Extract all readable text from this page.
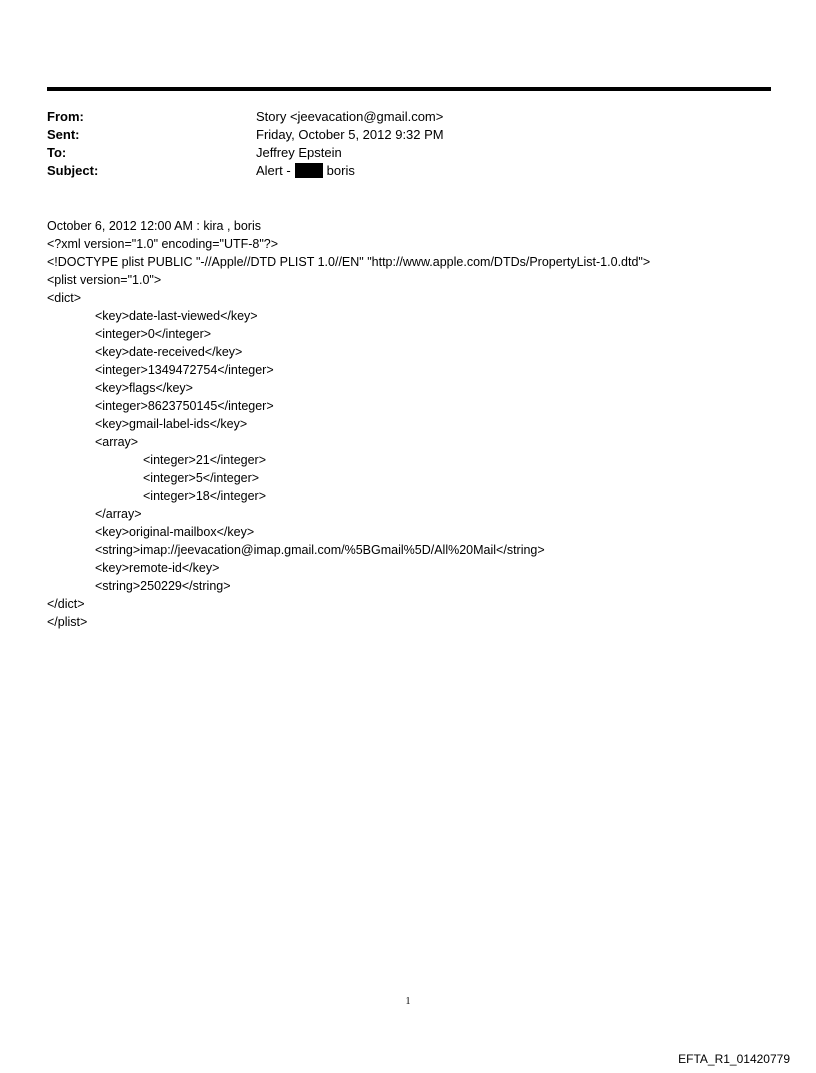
From:	Story <jeevacation@gmail.com>
Sent:	Friday, October 5, 2012 9:32 PM
To:	Jeffrey Epstein
Subject:	Alert -	boris
October 6, 2012 12:00 AM : kira , boris
<?xml version="1.0" encoding="UTF-8"?>
<!DOCTYPE plist PUBLIC "-//Apple//DTD PLIST 1.0//EN" "http://www.apple.com/DTDs/PropertyList-1.0.dtd">
<plist version="1.0">
<dict>
<key>date-last-viewed</key>
<integer>0</integer>
<key>date-received</key>
<integer>1349472754</integer>
<key>flags</key>
<integer>8623750145</integer>
<key>gmail-label-ids</key>
<array>
<integer>21</integer>
<integer>5</integer>
<integer>18</integer>
</array>
<key>original-mailbox</key>
<string>imap://jeevacation@imap.gmail.com/%5BGmail%5D/All%20Mail</string>
<key>remote-id</key>
<string>250229</string>
</dict>
</plist>
1
EFTA_R1_01420779
